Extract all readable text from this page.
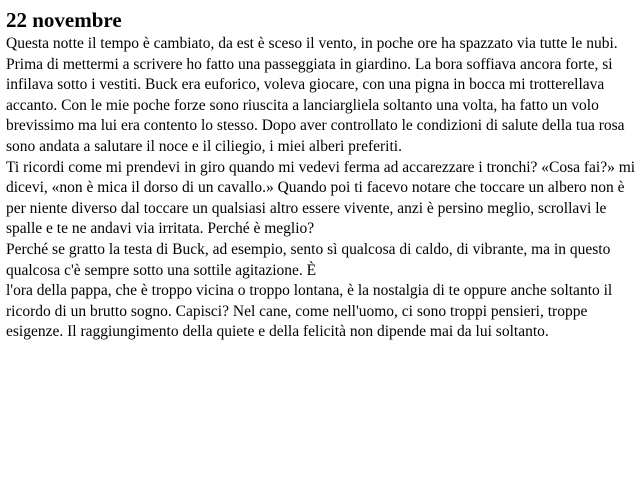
22 novembre

Questa notte il tempo è cambiato, da est è sceso il vento, in poche ore ha spazzato via tutte le nubi. Prima di mettermi a scrivere ho fatto una passeggiata in giardino. La bora soffiava ancora forte, si infilava sotto i vestiti. Buck era euforico, voleva giocare, con una pigna in bocca mi trotterellava accanto. Con le mie poche forze sono riuscita a lanciargliela soltanto una volta, ha fatto un volo brevissimo ma lui era contento lo stesso. Dopo aver controllato le condizioni di salute della tua rosa sono andata a salutare il noce e il ciliegio, i miei alberi preferiti.

Ti ricordi come mi prendevi in giro quando mi vedevi ferma ad accarezzare i tronchi? «Cosa fai?» mi dicevi, «non è mica il dorso di un cavallo.» Quando poi ti facevo notare che toccare un albero non è per niente diverso dal toccare un qualsiasi altro essere vivente, anzi è persino meglio, scrollavi le spalle e te ne andavi via irritata. Perché è meglio?

Perché se gratto la testa di Buck, ad esempio, sento sì qualcosa di caldo, di vibrante, ma in questo qualcosa c'è sempre sotto una sottile agitazione. È

l'ora della pappa, che è troppo vicina o troppo lontana, è la nostalgia di te oppure anche soltanto il ricordo di un brutto sogno. Capisci? Nel cane, come nell'uomo, ci sono troppi pensieri, troppe esigenze. Il raggiungimento della quiete e della felicità non dipende mai da lui soltanto.
